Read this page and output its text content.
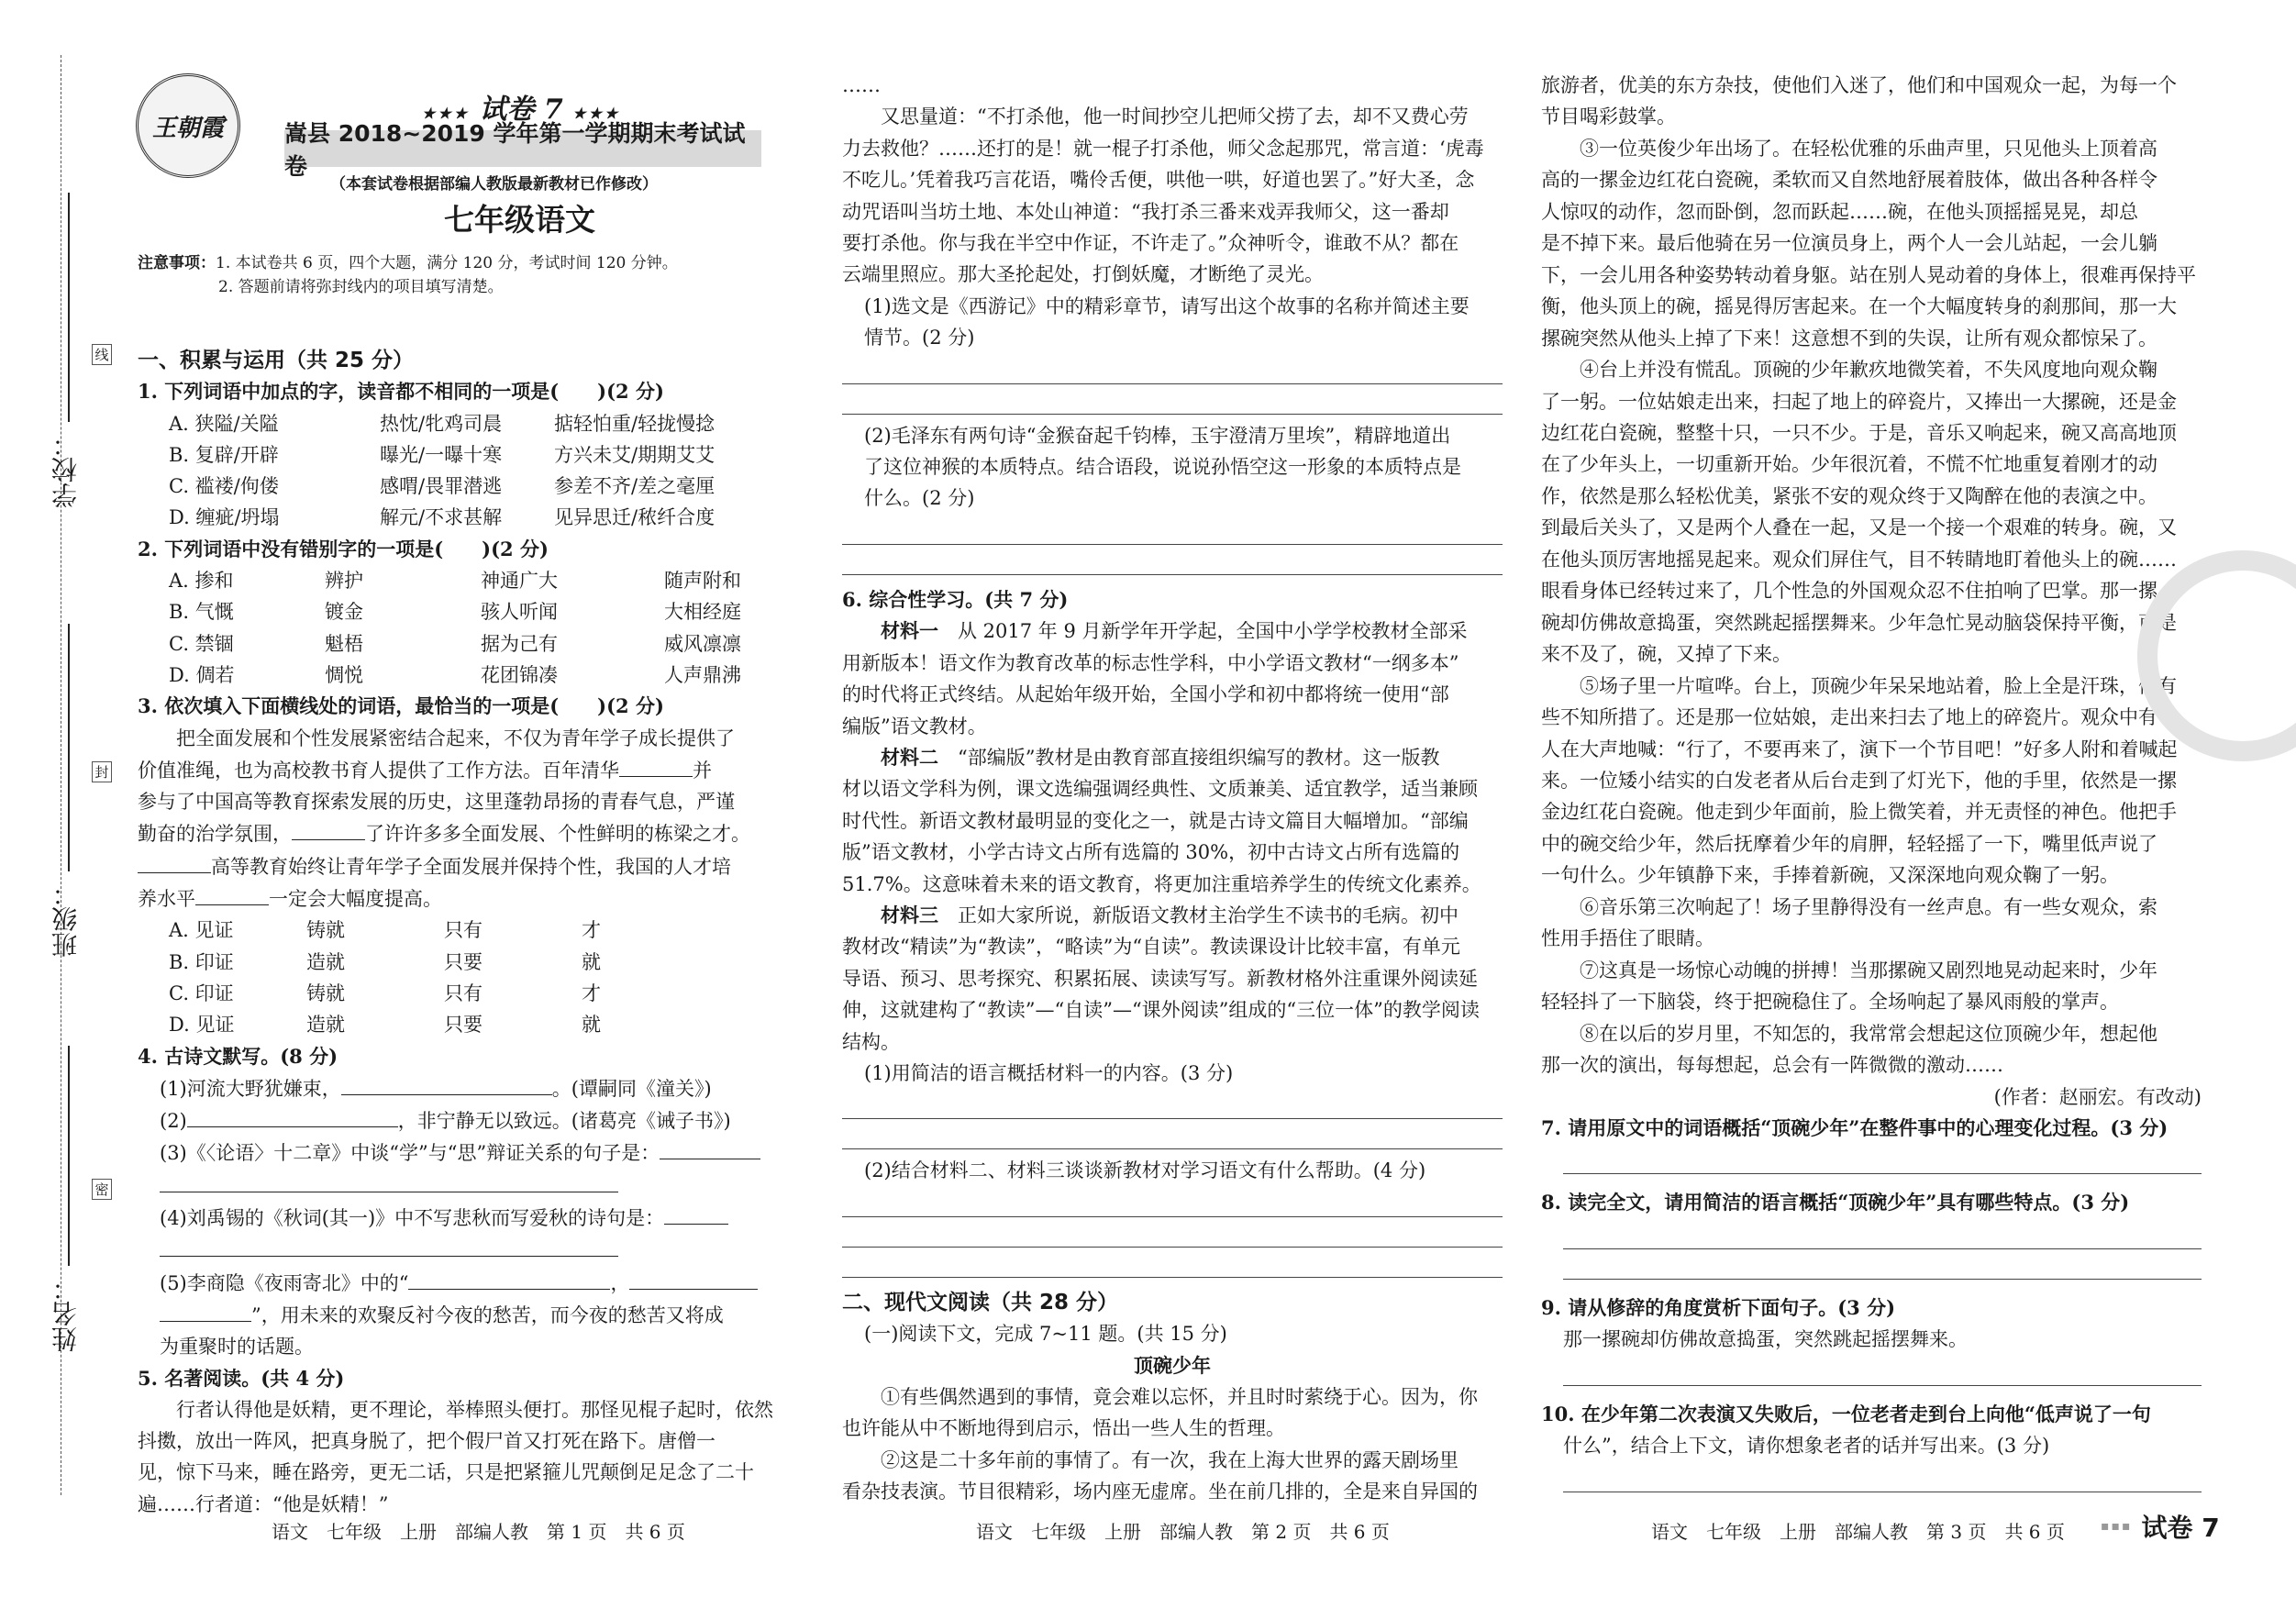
学校：
班级：
姓名：
线
封
密
王朝霞
★★★ 试卷 7 ★★★
嵩县 2018~2019 学年第一学期期末考试试卷
（本套试卷根据部编人教版最新教材已作修改）
七年级语文
注意事项：1. 本试卷共 6 页，四个大题，满分 120 分，考试时间 120 分钟。
2. 答题前请将弥封线内的项目填写清楚。

一、积累与运用（共 25 分）

1. 下列词语中加点的字，读音都不相同的一项是(　　)(2 分)

A. 狭隘/关隘	热忱/牝鸡司晨	掂轻怕重/轻拢慢捻
B. 复辟/开辟	曝光/一曝十寒	方兴未艾/期期艾艾
C. 褴褛/佝偻	感喟/畏罪潜逃	参差不齐/差之毫厘
D. 缠疵/坍塌	解元/不求甚解	见异思迁/秾纤合度

2. 下列词语中没有错别字的一项是(　　)(2 分)

A. 掺和	辨护	神通广大	随声附和
B. 气慨	镀金	骇人听闻	大相经庭
C. 禁锢	魁梧	据为己有	威风凛凛
D. 倜若	惆悦	花团锦凑	人声鼎沸

3. 依次填入下面横线处的词语，最恰当的一项是(　　)(2 分)

把全面发展和个性发展紧密结合起来，不仅为青年学子成长提供了

价值准绳，也为高校教书育人提供了工作方法。百年清华	并

参与了中国高等教育探索发展的历史，这里蓬勃昂扬的青春气息，严谨

勤奋的治学氛围，	了许许多多全面发展、个性鲜明的栋梁之才。

高等教育始终让青年学子全面发展并保持个性，我国的人才培

养水平	一定会大幅度提高。

A. 见证	铸就	只有	才
B. 印证	造就	只要	就
C. 印证	铸就	只有	才
D. 见证	造就	只要	就

4. 古诗文默写。(8 分)

(1)河流大野犹嫌束，	。(谭嗣同《潼关》)

(2)	，非宁静无以致远。(诸葛亮《诫子书》)

(3)《〈论语〉十二章》中谈“学”与“思”辩证关系的句子是：

(4)刘禹锡的《秋词(其一)》中不写悲秋而写爱秋的诗句是：

(5)李商隐《夜雨寄北》中的“	，

”，用未来的欢聚反衬今夜的愁苦，而今夜的愁苦又将成

为重聚时的话题。

5. 名著阅读。(共 4 分)

行者认得他是妖精，更不理论，举棒照头便打。那怪见棍子起时，依然

抖擞，放出一阵风，把真身脱了，把个假尸首又打死在路下。唐僧一

见，惊下马来，睡在路旁，更无二话，只是把紧箍儿咒颠倒足足念了二十

遍……行者道：“他是妖精！”

……

又思量道：“不打杀他，他一时间抄空儿把师父捞了去，却不又费心劳

力去救他？……还打的是！就一棍子打杀他，师父念起那咒，常言道：‘虎毒

不吃儿。’凭着我巧言花语，嘴伶舌便，哄他一哄，好道也罢了。”好大圣，念

动咒语叫当坊土地、本处山神道：“我打杀三番来戏弄我师父，这一番却

要打杀他。你与我在半空中作证，不许走了。”众神听令，谁敢不从？都在

云端里照应。那大圣抡起处，打倒妖魔，才断绝了灵光。

(1)选文是《西游记》中的精彩章节，请写出这个故事的名称并简述主要

情节。(2 分)

(2)毛泽东有两句诗“金猴奋起千钧棒，玉宇澄清万里埃”，精辟地道出

了这位神猴的本质特点。结合语段，说说孙悟空这一形象的本质特点是

什么。(2 分)

6. 综合性学习。(共 7 分)

材料一　 从 2017 年 9 月新学年开学起，全国中小学学校教材全部采

用新版本！语文作为教育改革的标志性学科，中小学语文教材“一纲多本”

的时代将正式终结。从起始年级开始，全国小学和初中都将统一使用“部

编版”语文教材。

材料二　 “部编版”教材是由教育部直接组织编写的教材。这一版教

材以语文学科为例，课文选编强调经典性、文质兼美、适宜教学，适当兼顾

时代性。新语文教材最明显的变化之一，就是古诗文篇目大幅增加。“部编

版”语文教材，小学古诗文占所有选篇的 30%，初中古诗文占所有选篇的

51.7%。这意味着未来的语文教育，将更加注重培养学生的传统文化素养。

材料三　 正如大家所说，新版语文教材主治学生不读书的毛病。初中

教材改“精读”为“教读”，“略读”为“自读”。教读课设计比较丰富，有单元

导语、预习、思考探究、积累拓展、读读写写。新教材格外注重课外阅读延

伸，这就建构了“教读”—“自读”—“课外阅读”组成的“三位一体”的教学阅读

结构。

(1)用简洁的语言概括材料一的内容。(3 分)

(2)结合材料二、材料三谈谈新教材对学习语文有什么帮助。(4 分)

二、现代文阅读（共 28 分）

(一)阅读下文，完成 7~11 题。(共 15 分)

顶碗少年

①有些偶然遇到的事情，竟会难以忘怀，并且时时萦绕于心。因为，你

也许能从中不断地得到启示，悟出一些人生的哲理。

②这是二十多年前的事情了。有一次，我在上海大世界的露天剧场里

看杂技表演。节目很精彩，场内座无虚席。坐在前几排的，全是来自异国的

旅游者，优美的东方杂技，使他们入迷了，他们和中国观众一起，为每一个

节目喝彩鼓掌。

③一位英俊少年出场了。在轻松优雅的乐曲声里，只见他头上顶着高

高的一摞金边红花白瓷碗，柔软而又自然地舒展着肢体，做出各种各样令

人惊叹的动作，忽而卧倒，忽而跃起……碗，在他头顶摇摇晃晃，却总

是不掉下来。最后他骑在另一位演员身上，两个人一会儿站起，一会儿躺

下，一会儿用各种姿势转动着身躯。站在别人晃动着的身体上，很难再保持平

衡，他头顶上的碗，摇晃得厉害起来。在一个大幅度转身的刹那间，那一大

摞碗突然从他头上掉了下来！这意想不到的失误，让所有观众都惊呆了。

④台上并没有慌乱。顶碗的少年歉疚地微笑着，不失风度地向观众鞠

了一躬。一位姑娘走出来，扫起了地上的碎瓷片，又捧出一大摞碗，还是金

边红花白瓷碗，整整十只，一只不少。于是，音乐又响起来，碗又高高地顶

在了少年头上，一切重新开始。少年很沉着，不慌不忙地重复着刚才的动

作，依然是那么轻松优美，紧张不安的观众终于又陶醉在他的表演之中。

到最后关头了，又是两个人叠在一起，又是一个接一个艰难的转身。碗，又

在他头顶厉害地摇晃起来。观众们屏住气，目不转睛地盯着他头上的碗……

眼看身体已经转过来了，几个性急的外国观众忍不住拍响了巴掌。那一摞

碗却仿佛故意捣蛋，突然跳起摇摆舞来。少年急忙晃动脑袋保持平衡，可是

来不及了，碗，又掉了下来。

⑤场子里一片喧哗。台上，顶碗少年呆呆地站着，脸上全是汗珠，他有

些不知所措了。还是那一位姑娘，走出来扫去了地上的碎瓷片。观众中有

人在大声地喊：“行了，不要再来了，演下一个节目吧！”好多人附和着喊起

来。一位矮小结实的白发老者从后台走到了灯光下，他的手里，依然是一摞

金边红花白瓷碗。他走到少年面前，脸上微笑着，并无责怪的神色。他把手

中的碗交给少年，然后抚摩着少年的肩胛，轻轻摇了一下，嘴里低声说了

一句什么。少年镇静下来，手捧着新碗，又深深地向观众鞠了一躬。

⑥音乐第三次响起了！场子里静得没有一丝声息。有一些女观众，索

性用手捂住了眼睛。

⑦这真是一场惊心动魄的拼搏！当那摞碗又剧烈地晃动起来时，少年

轻轻抖了一下脑袋，终于把碗稳住了。全场响起了暴风雨般的掌声。

⑧在以后的岁月里，不知怎的，我常常会想起这位顶碗少年，想起他

那一次的演出，每每想起，总会有一阵微微的激动……

(作者：赵丽宏。有改动)

7. 请用原文中的词语概括“顶碗少年”在整件事中的心理变化过程。(3 分)

8. 读完全文，请用简洁的语言概括“顶碗少年”具有哪些特点。(3 分)

9. 请从修辞的角度赏析下面句子。(3 分)

那一摞碗却仿佛故意捣蛋，突然跳起摇摆舞来。

10. 在少年第二次表演又失败后，一位老者走到台上向他“低声说了一句

什么”，结合上下文，请你想象老者的话并写出来。(3 分)

语文　七年级　上册　部编人教　第 1 页　共 6 页	语文　七年级　上册　部编人教　第 2 页　共 6 页	语文　七年级　上册　部编人教　第 3 页　共 6 页	▪▪▪ 试卷 7
